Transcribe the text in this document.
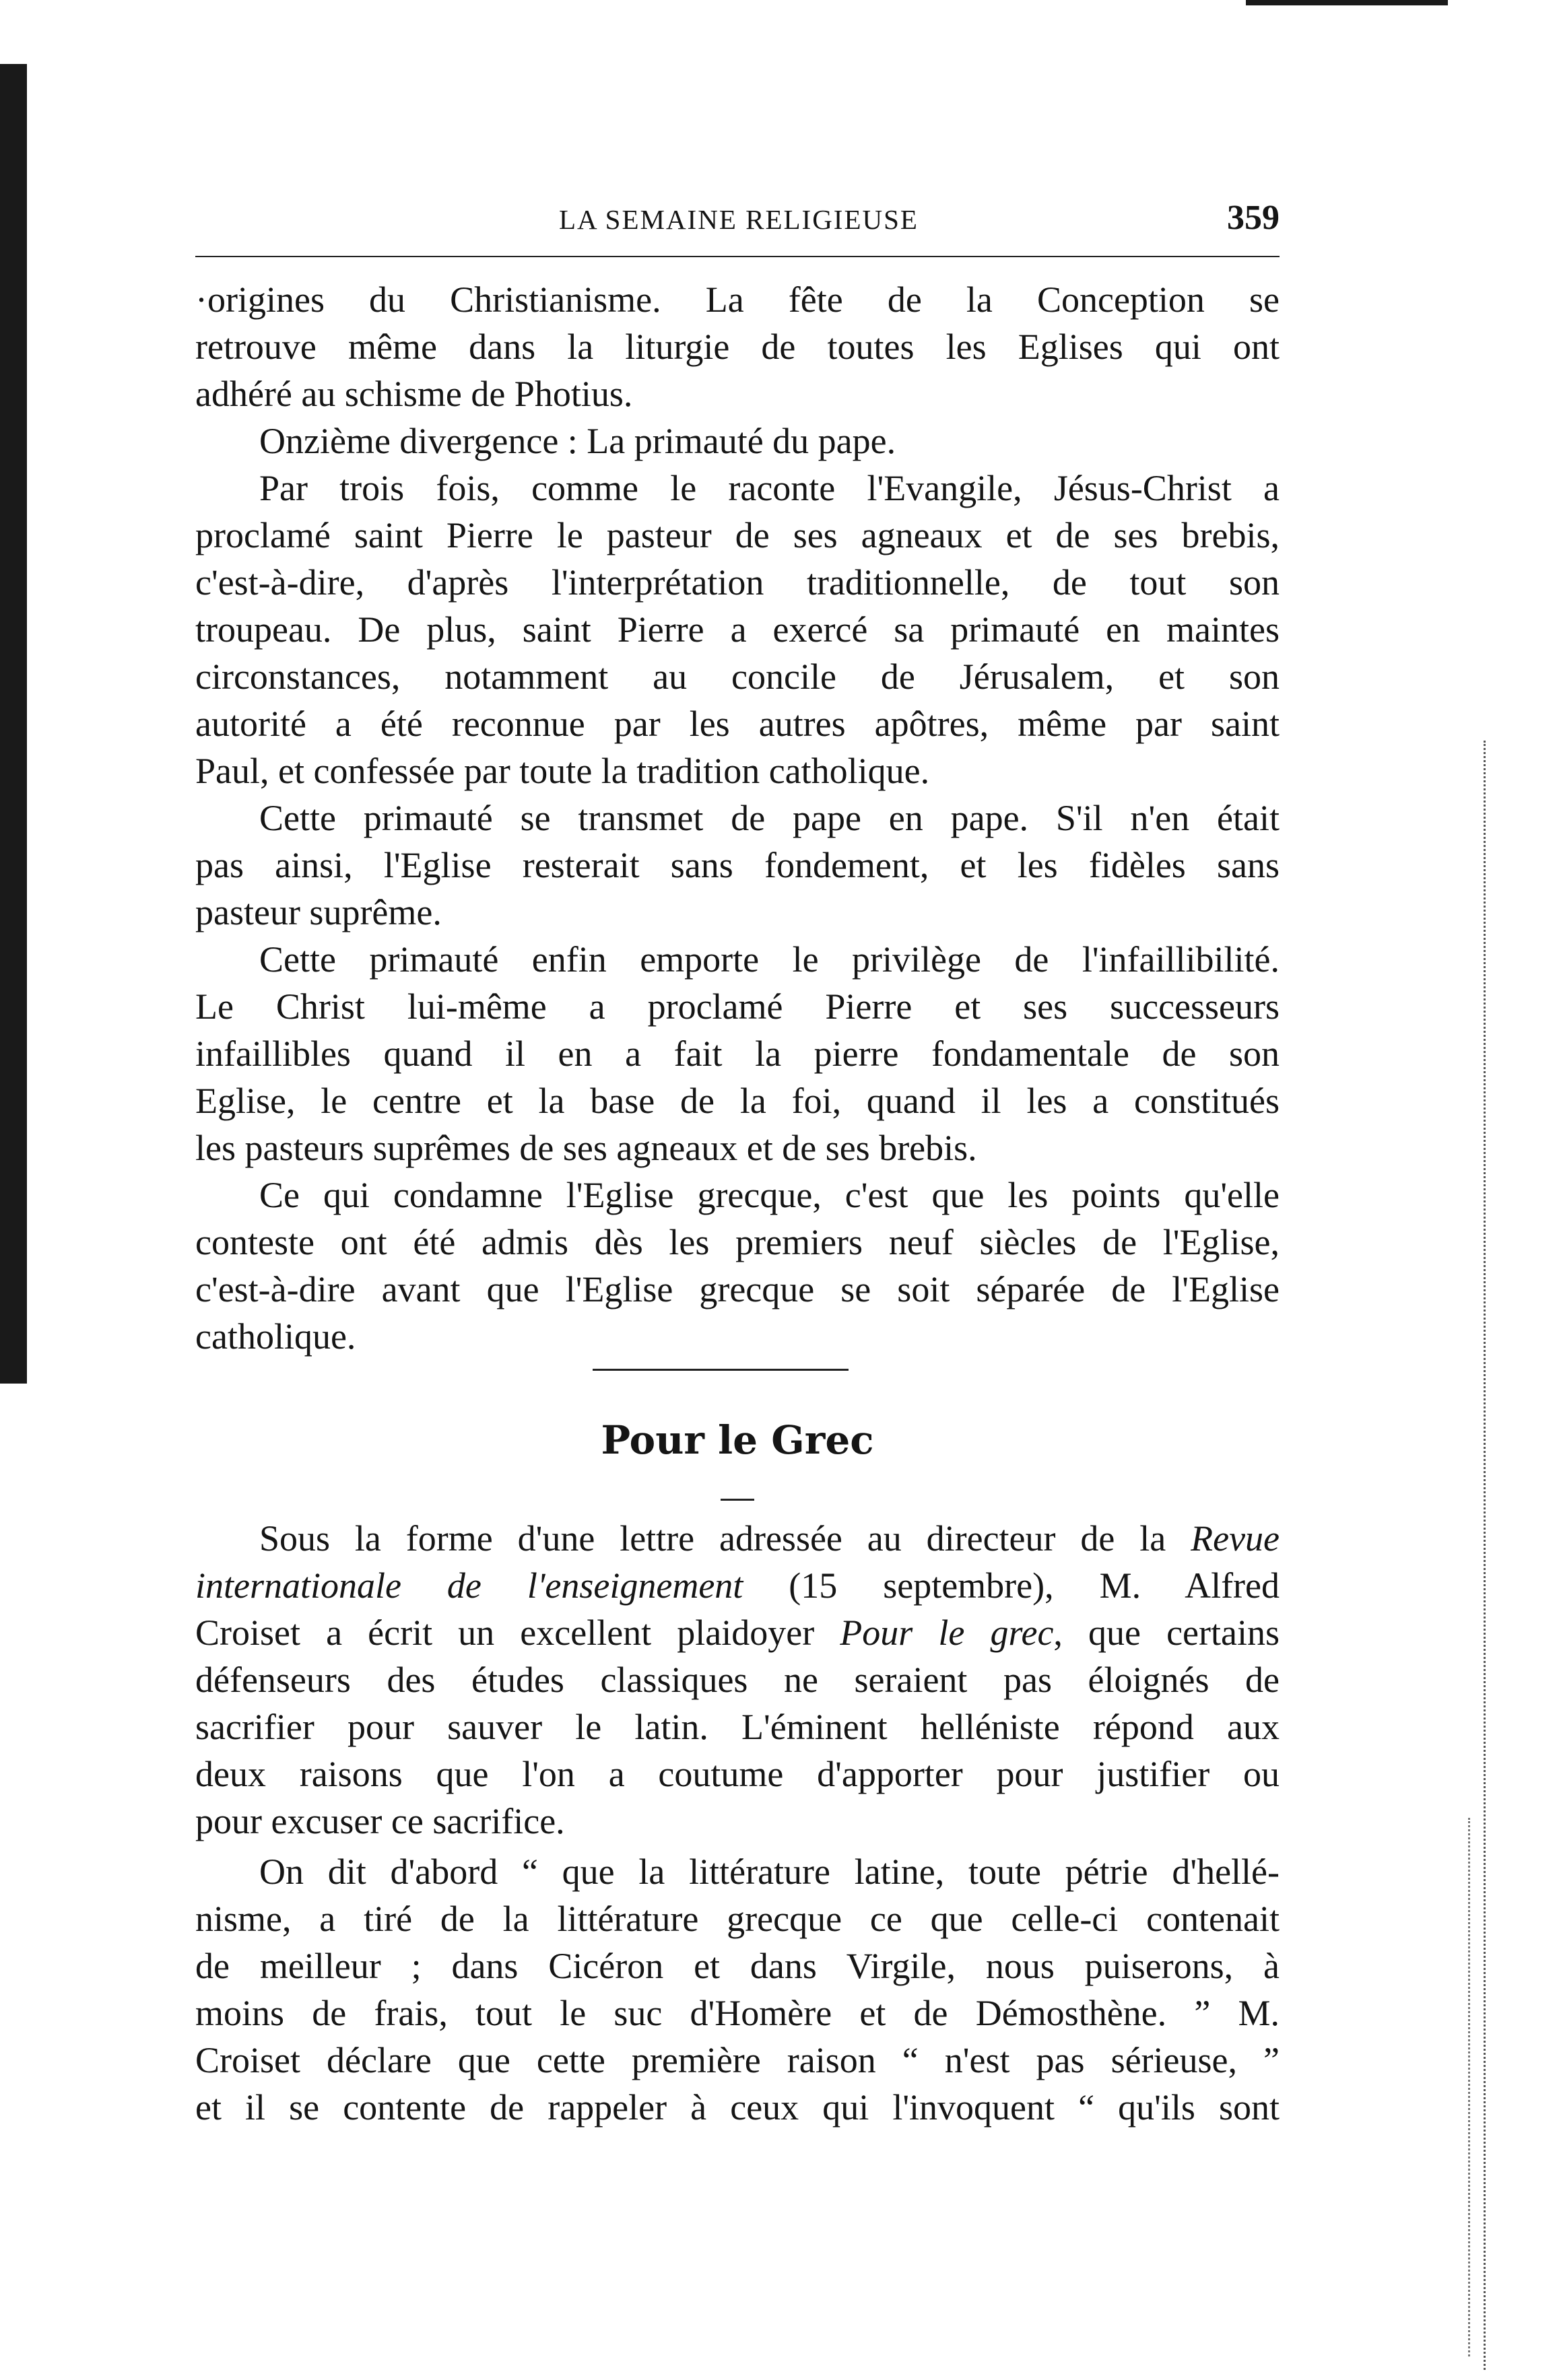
LA SEMAINE RELIGIEUSE	359
·origines du Christianisme. La fête de la Conception se
retrouve même dans la liturgie de toutes les Eglises qui ont
adhéré au schisme de Photius.
Onzième divergence : La primauté du pape.
Par trois fois, comme le raconte l'Evangile, Jésus-Christ a
proclamé saint Pierre le pasteur de ses agneaux et de ses brebis,
c'est-à-dire, d'après l'interprétation traditionnelle, de tout son
troupeau. De plus, saint Pierre a exercé sa primauté en maintes
circonstances, notamment au concile de Jérusalem, et son
autorité a été reconnue par les autres apôtres, même par saint
Paul, et confessée par toute la tradition catholique.
Cette primauté se transmet de pape en pape. S'il n'en était
pas ainsi, l'Eglise resterait sans fondement, et les fidèles sans
pasteur suprême.
Cette primauté enfin emporte le privilège de l'infaillibilité.
Le Christ lui-même a proclamé Pierre et ses successeurs
infaillibles quand il en a fait la pierre fondamentale de son
Eglise, le centre et la base de la foi, quand il les a constitués
les pasteurs suprêmes de ses agneaux et de ses brebis.
Ce qui condamne l'Eglise grecque, c'est que les points qu'elle
conteste ont été admis dès les premiers neuf siècles de l'Eglise,
c'est-à-dire avant que l'Eglise grecque se soit séparée de l'Eglise
catholique.
Pour le Grec
Sous la forme d'une lettre adressée au directeur de la Revue
internationale de l'enseignement (15 septembre), M. Alfred
Croiset a écrit un excellent plaidoyer Pour le grec, que certains
défenseurs des études classiques ne seraient pas éloignés de
sacrifier pour sauver le latin. L'éminent helléniste répond aux
deux raisons que l'on a coutume d'apporter pour justifier ou
pour excuser ce sacrifice.
On dit d'abord “ que la littérature latine, toute pétrie d'hellé-
nisme, a tiré de la littérature grecque ce que celle-ci contenait
de meilleur ; dans Cicéron et dans Virgile, nous puiserons, à
moins de frais, tout le suc d'Homère et de Démosthène. ” M.
Croiset déclare que cette première raison “ n'est pas sérieuse, ”
et il se contente de rappeler à ceux qui l'invoquent “ qu'ils sont
